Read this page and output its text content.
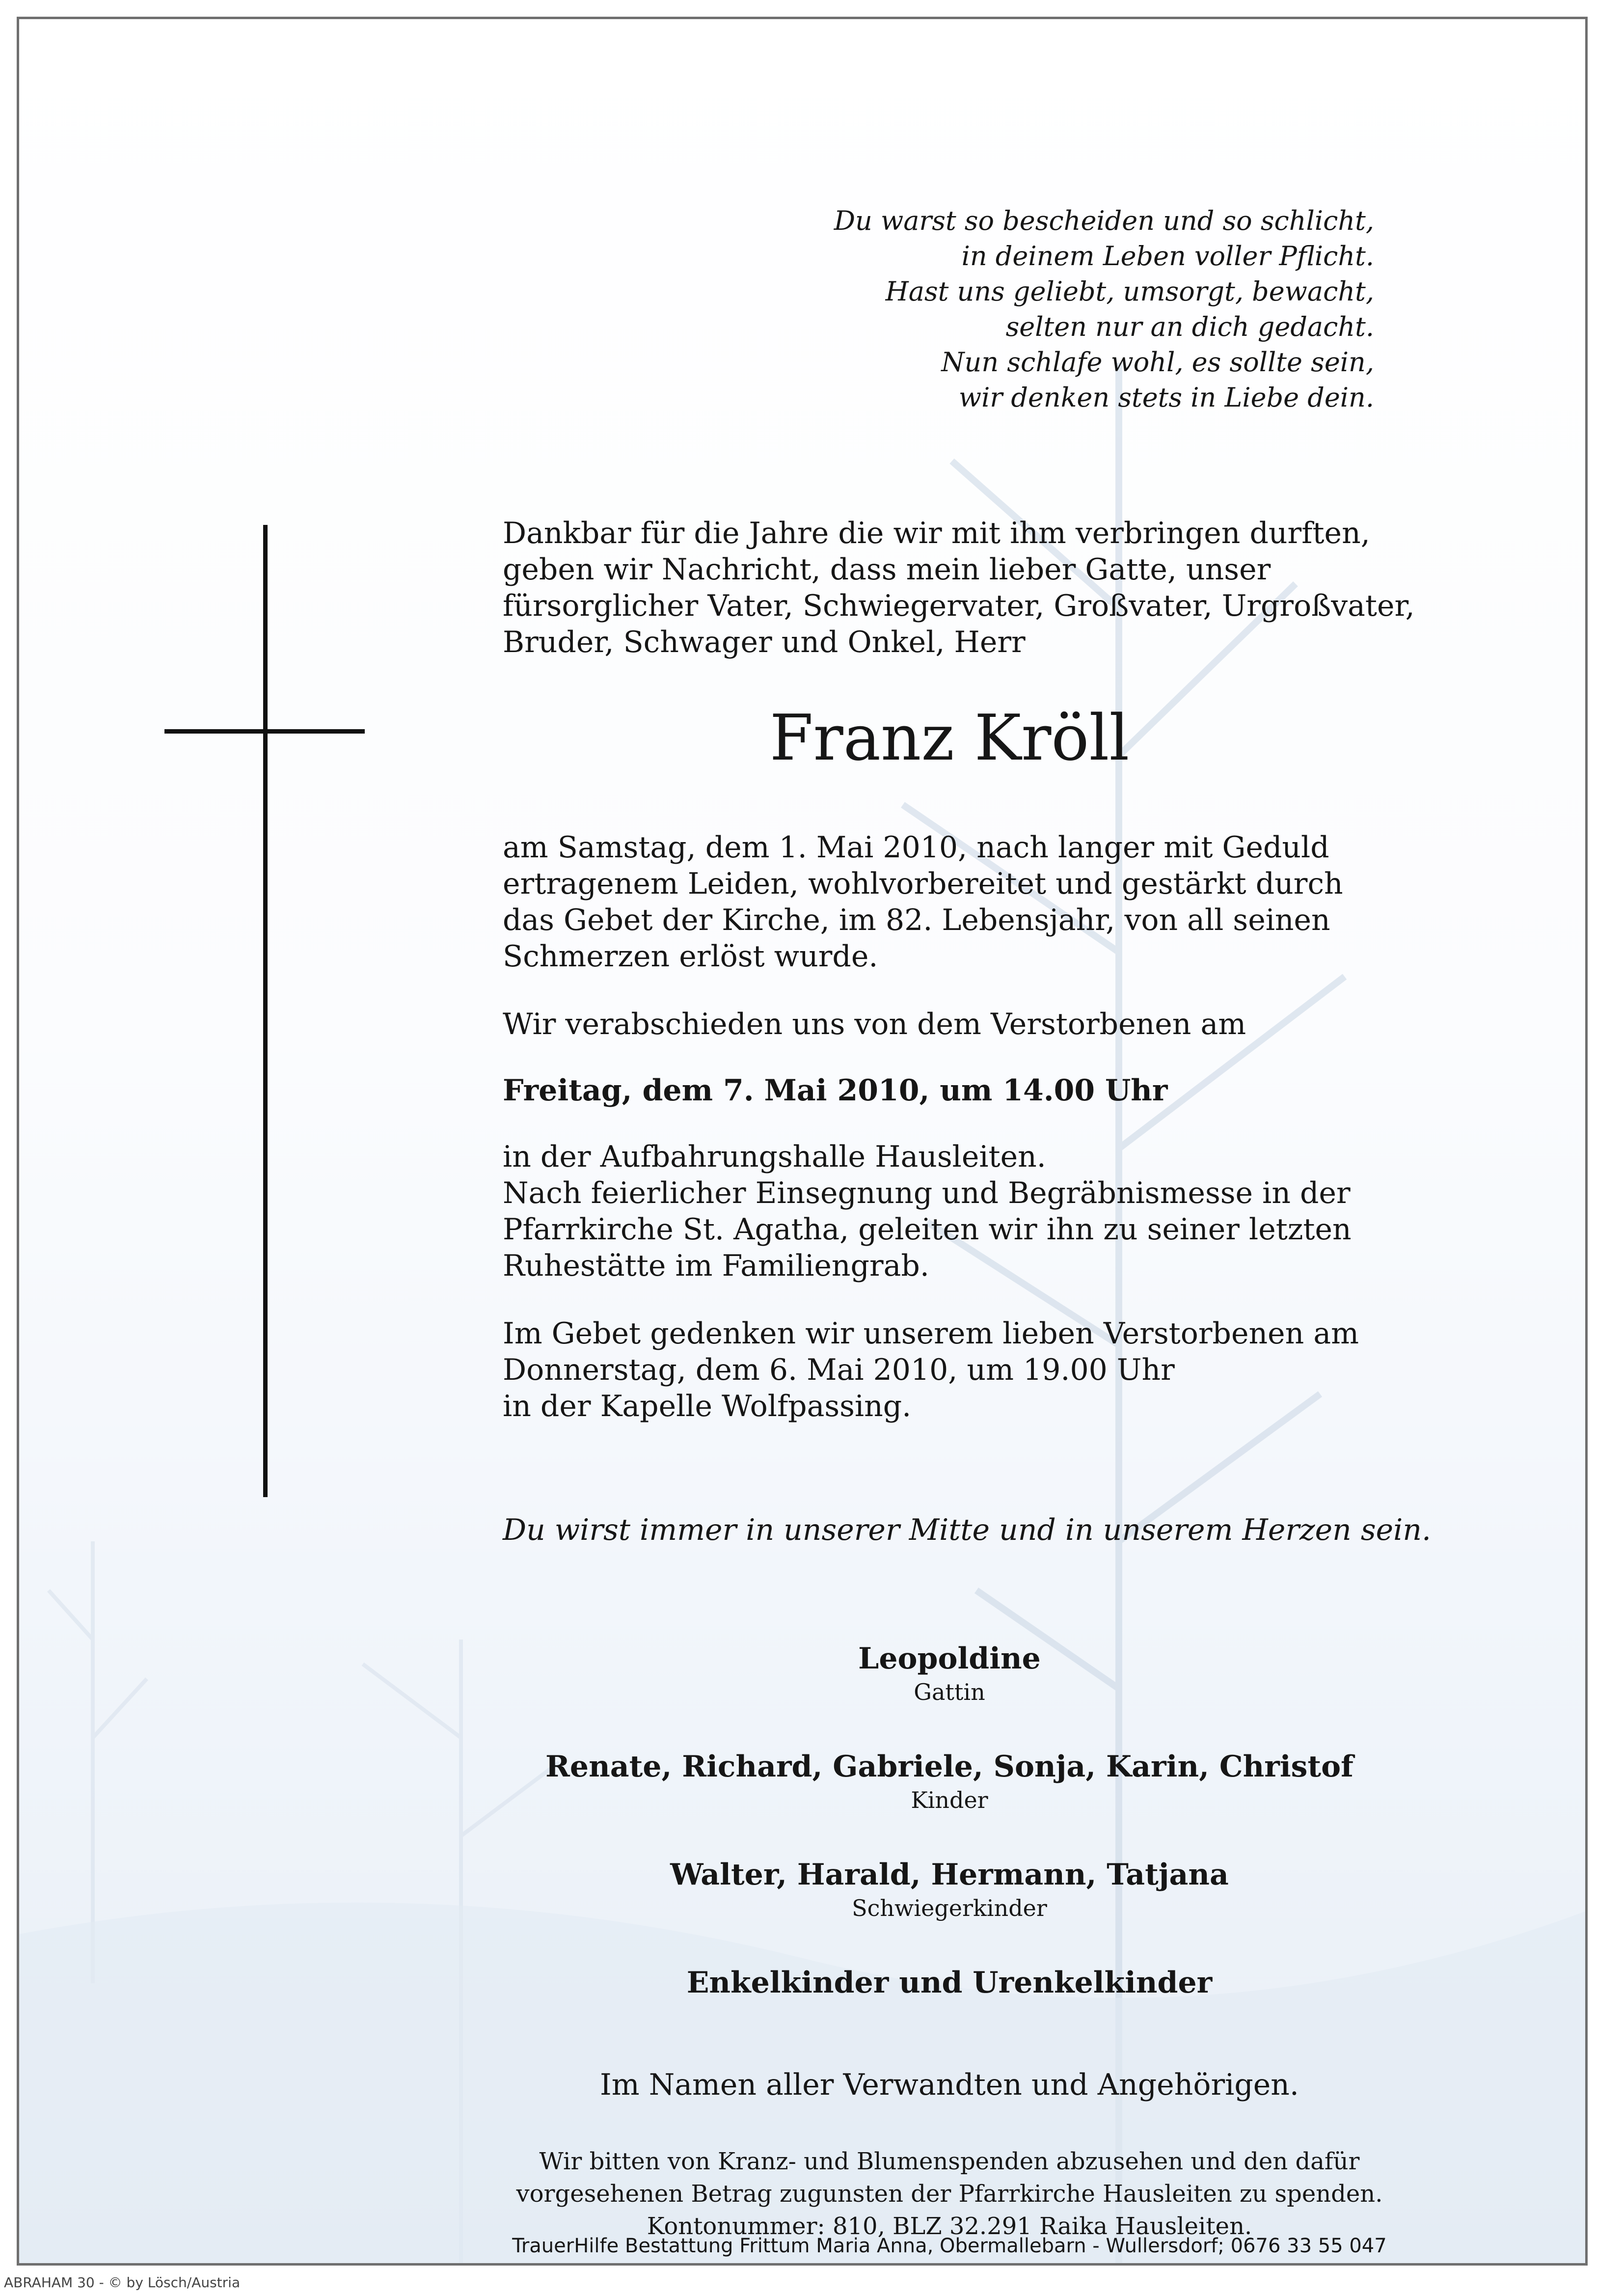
Du warst so bescheiden und so schlicht,
in deinem Leben voller Pflicht.
Hast uns geliebt, umsorgt, bewacht,
selten nur an dich gedacht.
Nun schlafe wohl, es sollte sein,
wir denken stets in Liebe dein.
Dankbar für die Jahre die wir mit ihm verbringen durften,
geben wir Nachricht, dass mein lieber Gatte, unser
fürsorglicher Vater, Schwiegervater, Großvater, Urgroßvater,
Bruder, Schwager und Onkel, Herr
Franz Kröll
am Samstag, dem 1. Mai 2010, nach langer mit Geduld
ertragenem Leiden, wohlvorbereitet und gestärkt durch
das Gebet der Kirche, im 82. Lebensjahr, von all seinen
Schmerzen erlöst wurde.
Wir verabschieden uns von dem Verstorbenen am
Freitag, dem 7. Mai 2010, um 14.00 Uhr
in der Aufbahrungshalle Hausleiten.
Nach feierlicher Einsegnung und Begräbnismesse in der
Pfarrkirche St. Agatha, geleiten wir ihn zu seiner letzten
Ruhestätte im Familiengrab.
Im Gebet gedenken wir unserem lieben Verstorbenen am
Donnerstag, dem 6. Mai 2010, um 19.00 Uhr
in der Kapelle Wolfpassing.
Du wirst immer in unserer Mitte und in unserem Herzen sein.
Leopoldine
Gattin
Renate, Richard, Gabriele, Sonja, Karin, Christof
Kinder
Walter, Harald, Hermann, Tatjana
Schwiegerkinder
Enkelkinder und Urenkelkinder
Im Namen aller Verwandten und Angehörigen.
Wir bitten von Kranz- und Blumenspenden abzusehen und den dafür
vorgesehenen Betrag zugunsten der Pfarrkirche Hausleiten zu spenden.
Kontonummer: 810, BLZ 32.291 Raika Hausleiten.
TrauerHilfe Bestattung Frittum Maria Anna, Obermallebarn - Wullersdorf; 0676 33 55 047
ABRAHAM 30 - © by Lösch/Austria
